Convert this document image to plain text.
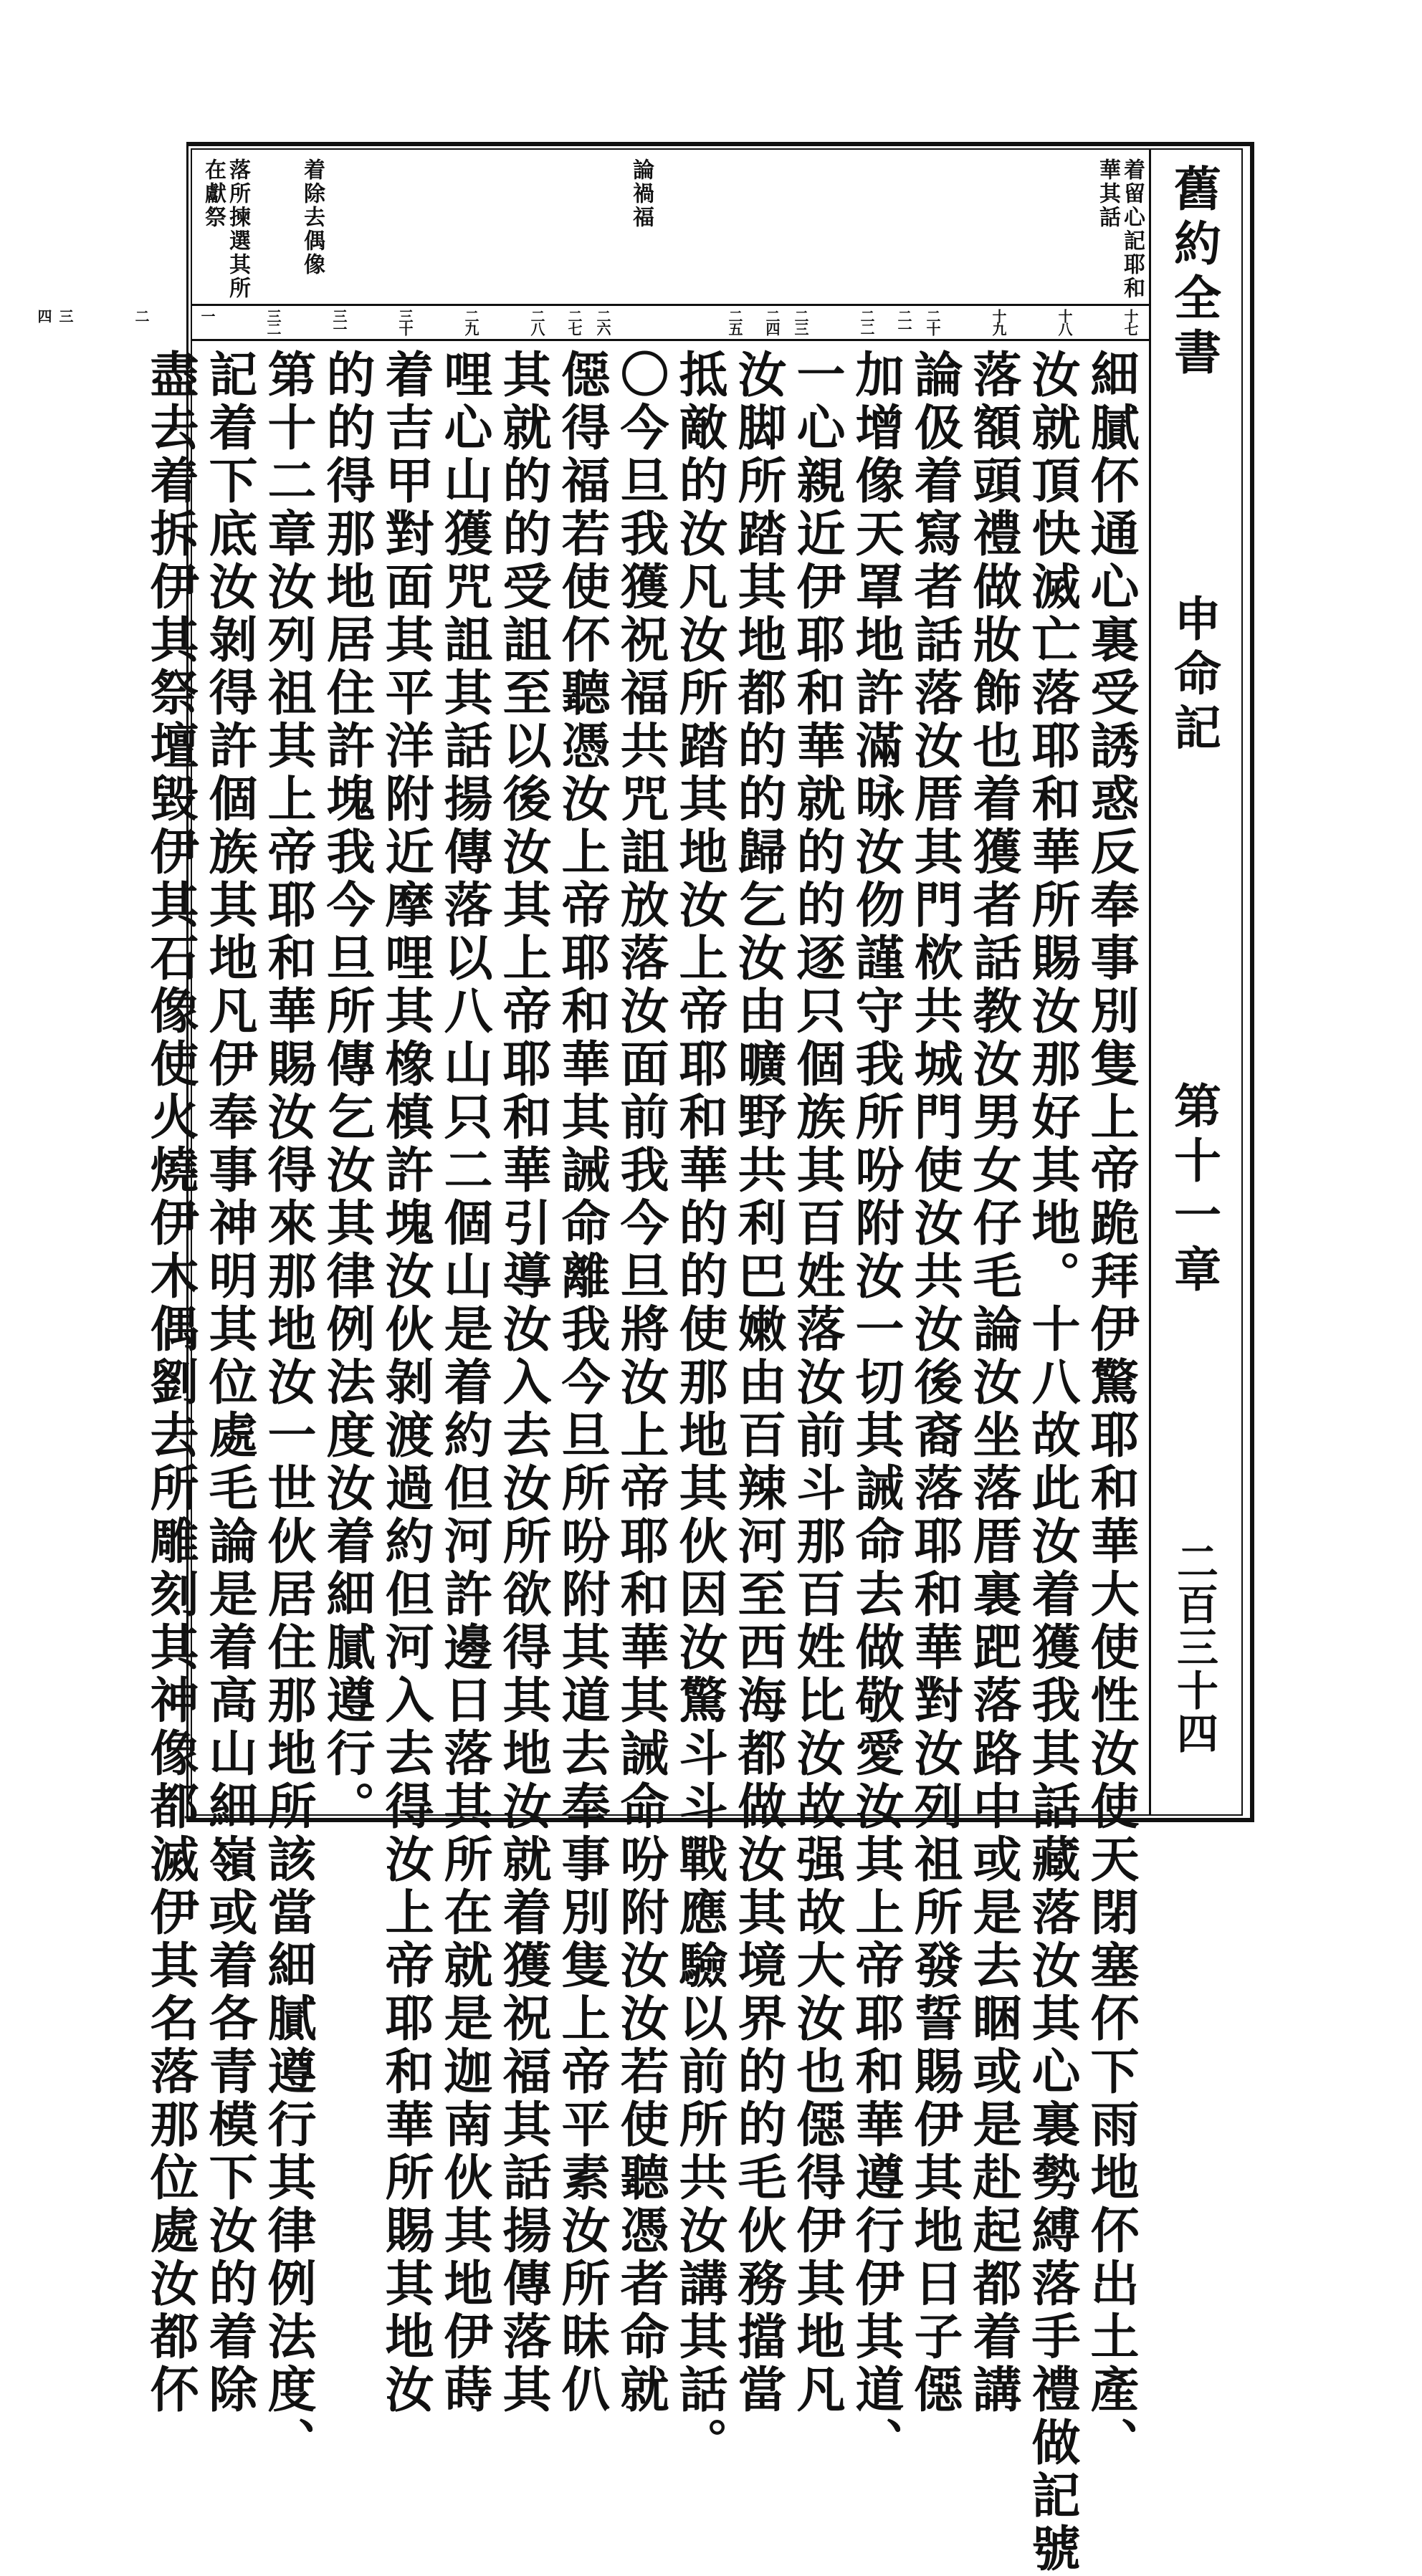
舊約全書
申命記
第十一章
二百三十四
着留心記耶和華其話
論禍福
着除去偶像
落所揀選其所在獻祭
十七
十八
十九
二十
二一
二二
二三
二四
二五
二六
二七
二八
二九
三十
三一
三二
一
二
三
四
細膩伓通心裏受誘惑反奉事別隻上帝跪拜伊驚耶和華大使性汝使天閉塞伓下雨地伓出土產、
汝就頂快滅亡落耶和華所賜汝那好其地。十八故此汝着獲我其話藏落汝其心裏勢縛落手禮做記號
落額頭禮做妝飾也着獲者話教汝男女仔毛論汝坐落厝裏跁落路中或是去睏或是赴起都着講
論伋着寫者話落汝厝其門栨共城門使汝共汝後裔落耶和華對汝列祖所發誓賜伊其地日子僫
加增像天罩地許滿昹汝伆謹守我所吩附汝一切其誡命去做敬愛汝其上帝耶和華遵行伊其道、
一心親近伊耶和華就的的逐只個族其百姓落汝前斗那百姓比汝故强故大汝也僫得伊其地凡
汝脚所踏其地都的的歸乞汝由曠野共利巴嫩由百辣河至西海都做汝其境界的的毛伙務擋當
抵敵的汝凡汝所踏其地汝上帝耶和華的的使那地其伙因汝驚斗斗戰應驗以前所共汝講其話。
〇今旦我獲祝福共咒詛放落汝面前我今旦將汝上帝耶和華其誡命吩附汝汝若使聽憑者命就
僫得福若使伓聽憑汝上帝耶和華其誡命離我今旦所吩附其道去奉事別隻上帝平素汝所昧仈
其就的的受詛至以後汝其上帝耶和華引導汝入去汝所欲得其地汝就着獲祝福其話揚傳落其
哩心山獲咒詛其話揚傳落以八山只二個山是着約但河許邊日落其所在就是迦南伙其地伊蒔
着吉甲對面其平洋附近摩哩其橡槙許塊汝伙剝渡過約但河入去得汝上帝耶和華所賜其地汝
的的得那地居住許塊我今旦所傳乞汝其律例法度汝着細膩遵行。
第十二章汝列祖其上帝耶和華賜汝得來那地汝一世伙居住那地所該當細膩遵行其律例法度、
記着下底汝剝得許個族其地凡伊奉事神明其位處毛論是着高山細嶺或着各青模下汝的着除
盡去着拆伊其祭壇毀伊其石像使火燒伊木偶劉去所雕刻其神像都滅伊其名落那位處汝都伓
